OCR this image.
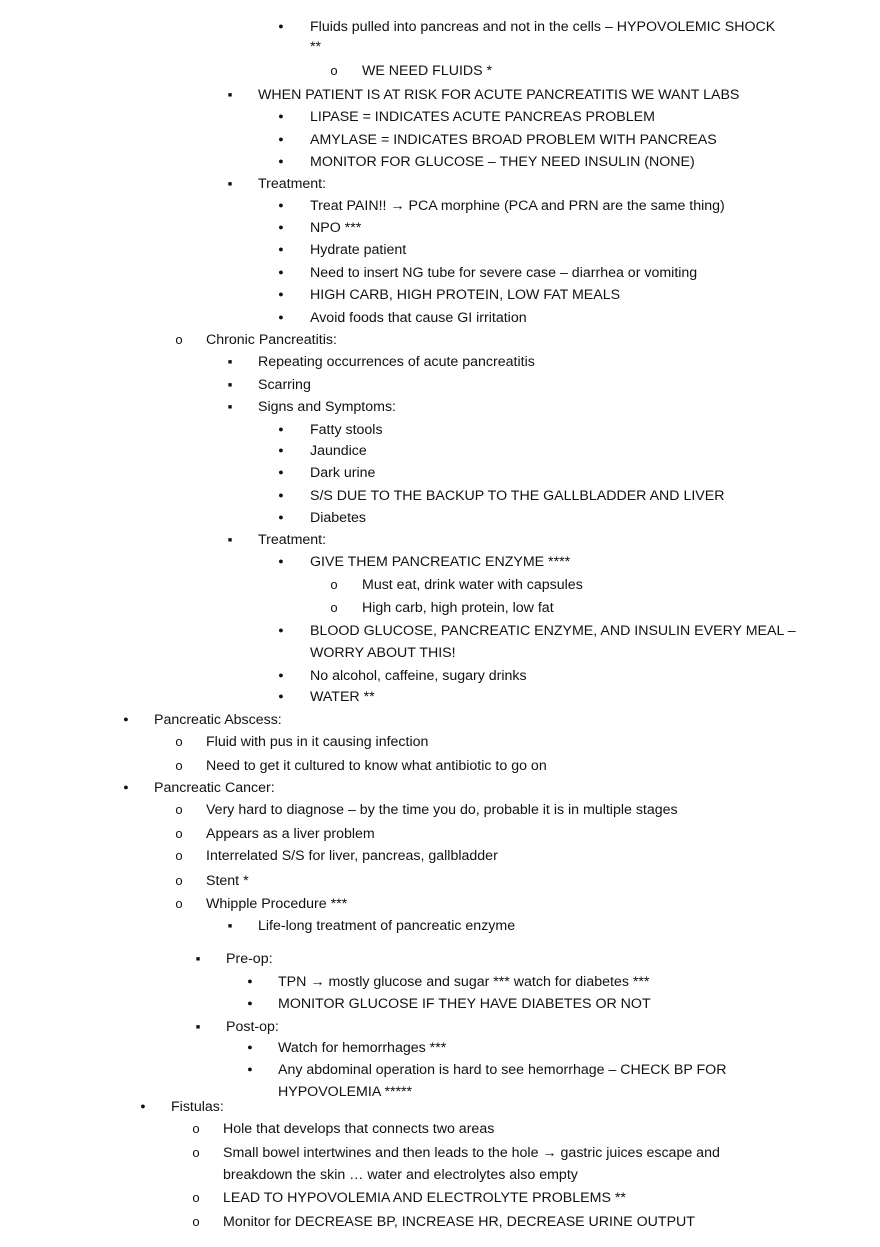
●
Fluids pulled into pancreas and not in the cells – HYPOVOLEMIC SHOCK
**
o
WE NEED FLUIDS *
■
WHEN PATIENT IS AT RISK FOR ACUTE PANCREATITIS WE WANT LABS
●
LIPASE = INDICATES ACUTE PANCREAS PROBLEM
●
AMYLASE = INDICATES BROAD PROBLEM WITH PANCREAS
●
MONITOR FOR GLUCOSE – THEY NEED INSULIN (NONE)
■
Treatment:
●
Treat PAIN!! → PCA morphine (PCA and PRN are the same thing)
●
NPO ***
●
Hydrate patient
●
Need to insert NG tube for severe case – diarrhea or vomiting
●
HIGH CARB, HIGH PROTEIN, LOW FAT MEALS
●
Avoid foods that cause GI irritation
o
Chronic Pancreatitis:
■
Repeating occurrences of acute pancreatitis
■
Scarring
■
Signs and Symptoms:
●
Fatty stools
●
Jaundice
●
Dark urine
●
S/S DUE TO THE BACKUP TO THE GALLBLADDER AND LIVER
●
Diabetes
■
Treatment:
●
GIVE THEM PANCREATIC ENZYME ****
o
Must eat, drink water with capsules
o
High carb, high protein, low fat
●
BLOOD GLUCOSE, PANCREATIC ENZYME, AND INSULIN EVERY MEAL –
WORRY ABOUT THIS!
●
No alcohol, caffeine, sugary drinks
●
WATER **
●
Pancreatic Abscess:
o
Fluid with pus in it causing infection
o
Need to get it cultured to know what antibiotic to go on
●
Pancreatic Cancer:
o
Very hard to diagnose – by the time you do, probable it is in multiple stages
o
Appears as a liver problem
o
Interrelated S/S for liver, pancreas, gallbladder
o
Stent *
o
Whipple Procedure ***
■
Life-long treatment of pancreatic enzyme
■
Pre-op:
●
TPN → mostly glucose and sugar *** watch for diabetes ***
●
MONITOR GLUCOSE IF THEY HAVE DIABETES OR NOT
■
Post-op:
●
Watch for hemorrhages ***
●
Any abdominal operation is hard to see hemorrhage – CHECK BP FOR
HYPOVOLEMIA *****
●
Fistulas:
o
Hole that develops that connects two areas
o
Small bowel intertwines and then leads to the hole → gastric juices escape and
breakdown the skin … water and electrolytes also empty
o
LEAD TO HYPOVOLEMIA AND ELECTROLYTE PROBLEMS **
o
Monitor for DECREASE BP, INCREASE HR, DECREASE URINE OUTPUT
